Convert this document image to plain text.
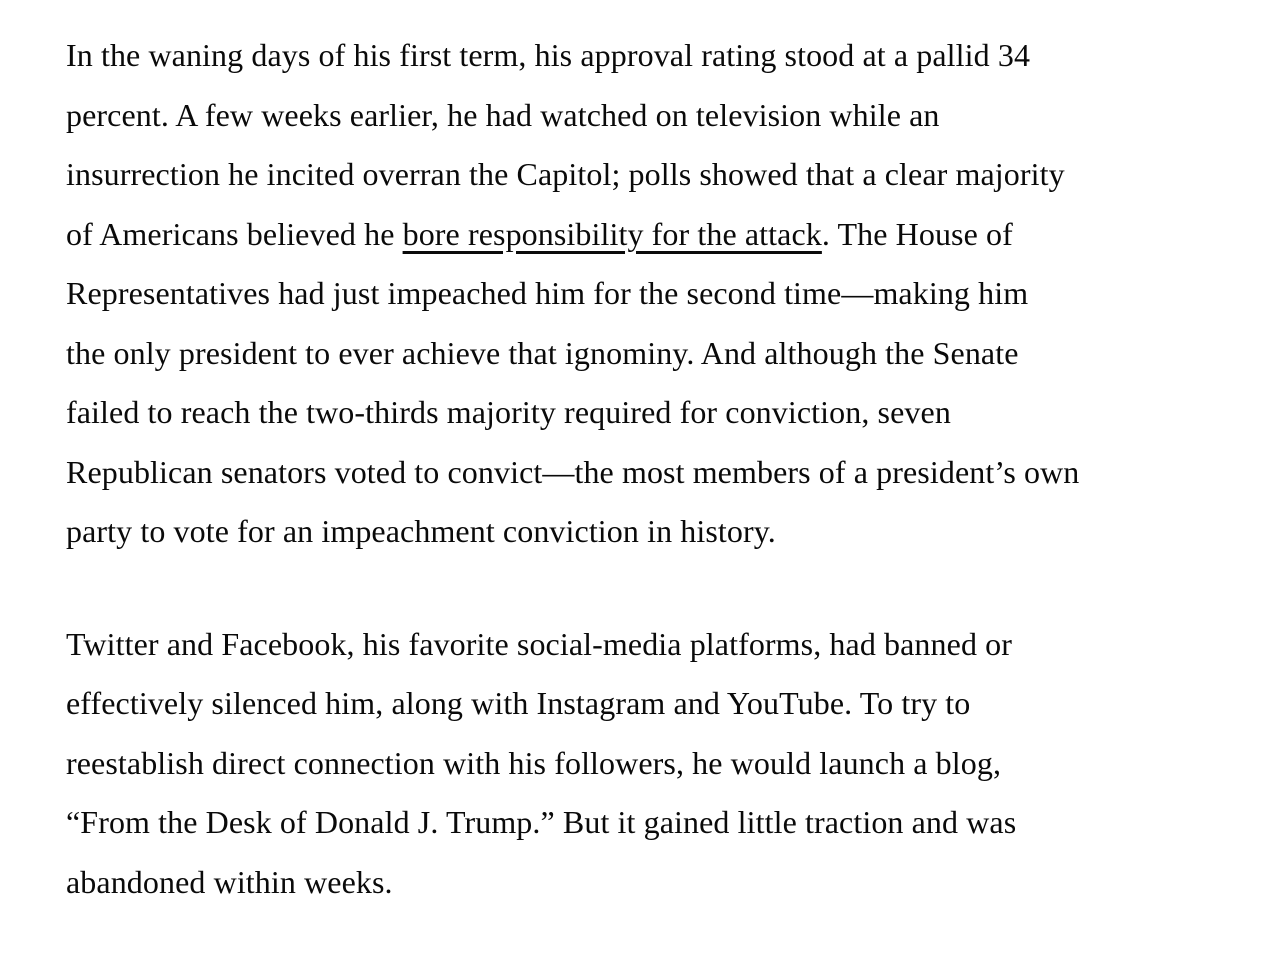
In the waning days of his first term, his approval rating stood at a pallid 34
percent. A few weeks earlier, he had watched on television while an
insurrection he incited overran the Capitol; polls showed that a clear majority
of Americans believed he bore responsibility for the attack. The House of
Representatives had just impeached him for the second time—making him
the only president to ever achieve that ignominy. And although the Senate
failed to reach the two-thirds majority required for conviction, seven
Republican senators voted to convict—the most members of a president’s own
party to vote for an impeachment conviction in history.

Twitter and Facebook, his favorite social-media platforms, had banned or
effectively silenced him, along with Instagram and YouTube. To try to
reestablish direct connection with his followers, he would launch a blog,
“From the Desk of Donald J. Trump.” But it gained little traction and was
abandoned within weeks.
